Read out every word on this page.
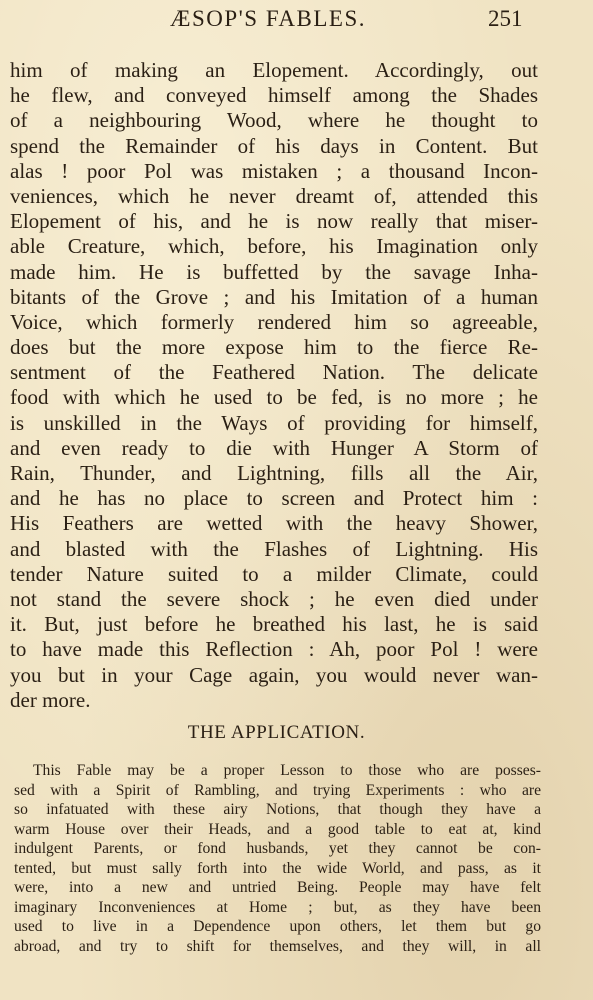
ÆSOP'S FABLES.	251
him of making an Elopement. Accordingly, out
he flew, and conveyed himself among the Shades
of a neighbouring Wood, where he thought to
spend the Remainder of his days in Content. But
alas ! poor Pol was mistaken ; a thousand Incon-
veniences, which he never dreamt of, attended this
Elopement of his, and he is now really that miser-
able Creature, which, before, his Imagination only
made him. He is buffetted by the savage Inha-
bitants of the Grove ; and his Imitation of a human
Voice, which formerly rendered him so agreeable,
does but the more expose him to the fierce Re-
sentment of the Feathered Nation. The delicate
food with which he used to be fed, is no more ; he
is unskilled in the Ways of providing for himself,
and even ready to die with Hunger A Storm of
Rain, Thunder, and Lightning, fills all the Air,
and he has no place to screen and Protect him :
His Feathers are wetted with the heavy Shower,
and blasted with the Flashes of Lightning. His
tender Nature suited to a milder Climate, could
not stand the severe shock ; he even died under
it. But, just before he breathed his last, he is said
to have made this Reflection : Ah, poor Pol ! were
you but in your Cage again, you would never wan-
der more.
THE APPLICATION.
This Fable may be a proper Lesson to those who are posses-
sed with a Spirit of Rambling, and trying Experiments : who are
so infatuated with these airy Notions, that though they have a
warm House over their Heads, and a good table to eat at, kind
indulgent Parents, or fond husbands, yet they cannot be con-
tented, but must sally forth into the wide World, and pass, as it
were, into a new and untried Being. People may have felt
imaginary Inconveniences at Home ; but, as they have been
used to live in a Dependence upon others, let them but go
abroad, and try to shift for themselves, and they will, in all
